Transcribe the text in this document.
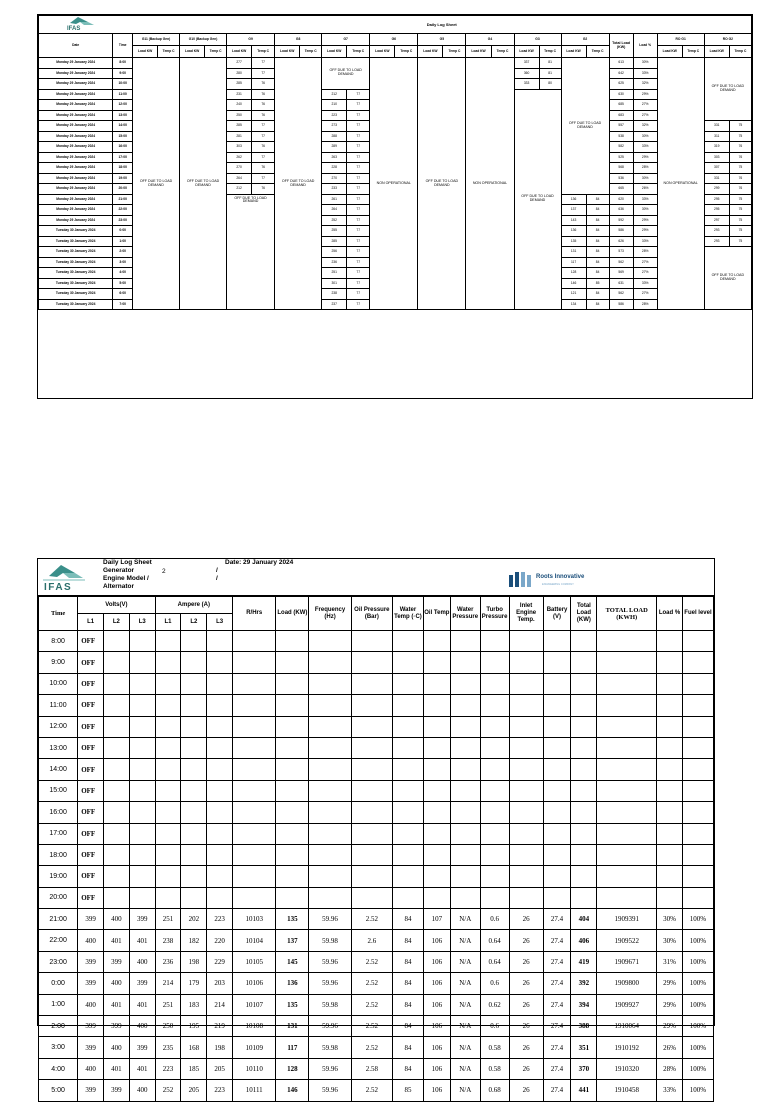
IFAS		Daily Log Sheet																									
Date	Time	G11 (Backup Gen)		G10 (Backup Gen)		G9		G8		G7		G6		G5		G4		G3		G2		Total Load (KW)	Load %	RO G1		RO G2	
		Load KW	Temp C	Load KW	Temp C	Load KW	Temp C	Load KW	Temp C	Load KW	Temp C	Load KW	Temp C	Load KW	Temp C	Load KW	Temp C	Load KW	Temp C	Load KW	Temp C			Load KW	Temp C	Load KW	Temp C
Monday 29 January 2024	8:00	OFF DUE TO LOAD DEMAND		OFF DUE TO LOAD DEMAND		277	77	OFF DUE TO LOAD DEMAND		OFF DUE TO LOAD DEMAND		NON OPERATIONAL		OFF DUE TO LOAD DEMAND		NON OPERATIONAL		337	81	OFF DUE TO LOAD DEMAND		613	30%	NON OPERATIONAL		OFF DUE TO LOAD DEMAND	
Monday 29 January 2024	9:00					280	77											360	81			642	33%				
Monday 29 January 2024	10:00					285	76											333	80			625	32%				
Monday 29 January 2024	11:00					231	76			212	77							OFF DUE TO LOAD DEMAND				630	29%				
Monday 29 January 2024	12:00					240	76			210	77											685	27%				
Monday 29 January 2024	13:00					250	76			223	77											683	27%				
Monday 29 January 2024	14:00					285	77			273	77											557	32%			331	75
Monday 29 January 2024	15:00					281	77			288	77											538	30%			311	75
Monday 29 January 2024	16:00					303	76			289	77											582	33%			319	76
Monday 29 January 2024	17:00					262	77			263	77											525	29%			303	76
Monday 29 January 2024	18:00					270	76			228	77											568	28%			307	75
Monday 29 January 2024	19:00					264	77			270	77											536	30%			331	76
Monday 29 January 2024	20:00					212	76			233	77											665	26%			299	76
Monday 29 January 2024	21:00					OFF DUE TO LOAD DEMAND				261	77									136	84	620	33%			295	75
Monday 29 January 2024	22:00									264	77									137	84	636	30%			295	75
Monday 29 January 2024	23:00									252	77									143	84	592	29%			297	75
Tuesday 30 January 2024	0:00									255	77									136	84	586	29%			293	75
Tuesday 30 January 2024	1:00									285	77									135	84	626	33%			293	75
Tuesday 30 January 2024	2:00									256	77									131	84	573	28%			OFF DUE TO LOAD DEMAND	
Tuesday 30 January 2024	3:00									236	77									117	84	562	27%				
Tuesday 30 January 2024	4:00									251	77									128	84	569	27%				
Tuesday 30 January 2024	5:00									301	77									146	85	631	33%				
Tuesday 30 January 2024	6:00									238	77									121	84	562	27%				
Tuesday 30 January 2024	7:00									237	77									134	84	586	28%				
IFAS
Daily Log Sheet
Generator	2	/
Engine Model /	/
Alternator
Date: 29 January 2024
Roots Innovative
ENGINEERING COMPANY
Time	Volts(V)			Ampere (A)			R/Hrs	Load (KW)	Frequency (Hz)	Oil Pressure (Bar)	Water Temp (◦C)	Oil Temp	Water Pressure	Turbo Pressure	Inlet Engine Temp.	Battery (V)	Total Load (KW)	TOTAL LOAD (KWH)	Load %	Fuel level
	L1	L2	L3	L1	L2	L3														
8:00	OFF																			
9:00	OFF																			
10:00	OFF																			
11:00	OFF																			
12:00	OFF																			
13:00	OFF																			
14:00	OFF																			
15:00	OFF																			
16:00	OFF																			
17:00	OFF																			
18:00	OFF																			
19:00	OFF																			
20:00	OFF																			
21:00	399	400	399	251	202	223	10103	135	59.96	2.52	84	107	N/A	0.6	26	27.4	404	1909391	30%	100%
22:00	400	401	401	238	182	220	10104	137	59.98	2.6	84	106	N/A	0.64	26	27.4	406	1909522	30%	100%
23:00	399	399	400	236	198	229	10105	145	59.96	2.52	84	106	N/A	0.64	26	27.4	419	1909671	31%	100%
0:00	399	400	399	214	179	203	10106	136	59.96	2.52	84	106	N/A	0.6	26	27.4	392	1909800	29%	100%
1:00	400	401	401	251	183	214	10107	135	59.98	2.52	84	106	N/A	0.62	26	27.4	394	1909927	29%	100%
2:00	399	399	400	250	195	219	10108	131	59.96	2.52	84	106	N/A	0.6	26	27.4	388	1910064	29%	100%
3:00	399	400	399	235	168	198	10109	117	59.98	2.52	84	106	N/A	0.58	26	27.4	351	1910192	26%	100%
4:00	400	401	401	223	185	205	10110	128	59.96	2.58	84	106	N/A	0.58	26	27.4	370	1910320	28%	100%
5:00	399	399	400	252	205	223	10111	146	59.96	2.52	85	106	N/A	0.68	26	27.4	441	1910458	33%	100%
